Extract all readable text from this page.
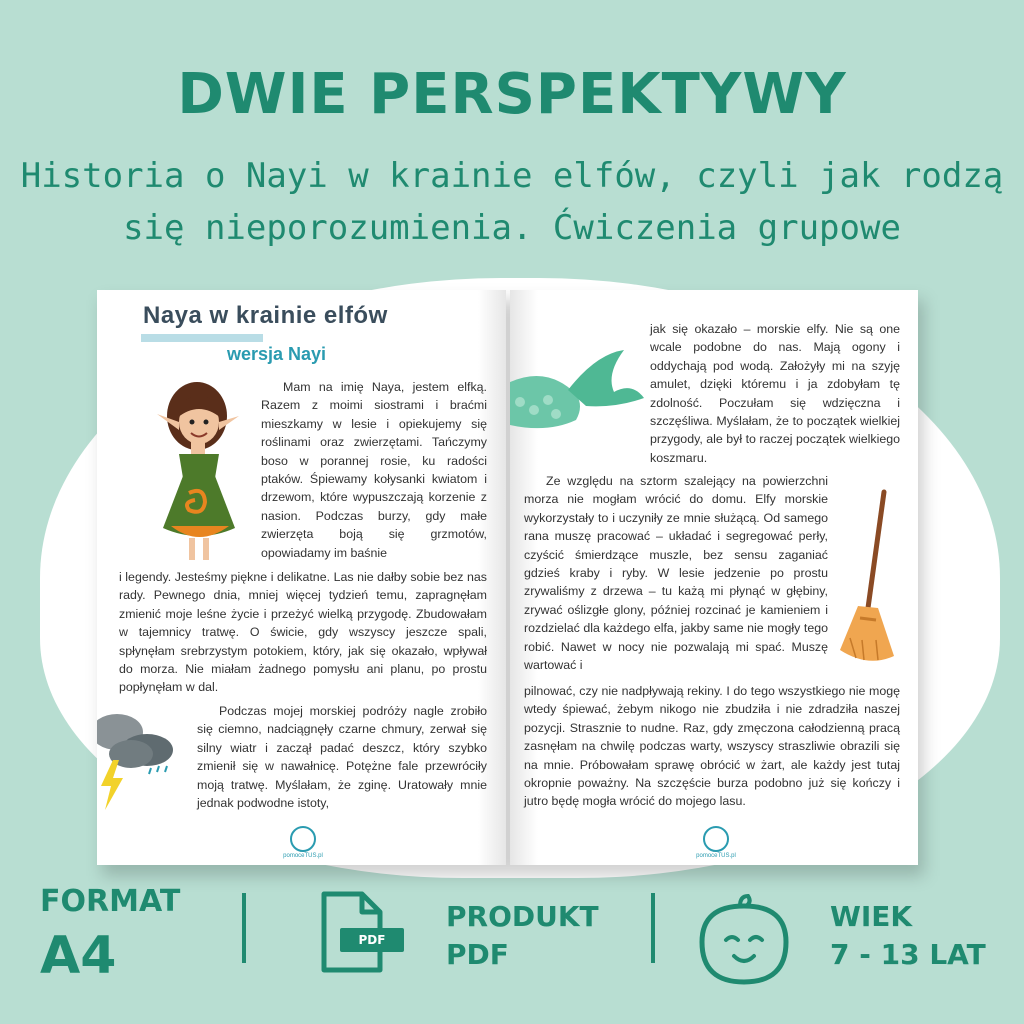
DWIE PERSPEKTYWY
Historia o Nayi w krainie elfów, czyli jak rodzą
się nieporozumienia. Ćwiczenia grupowe
Naya w krainie elfów
wersja Nayi

Mam na imię Naya, jestem elfką. Razem z moimi siostrami i braćmi mieszkamy w lesie i opiekujemy się roślinami oraz zwierzętami. Tańczymy boso w porannej rosie, ku radości ptaków. Śpiewamy kołysanki kwiatom i drzewom, które wypuszczają korzenie z nasion. Podczas burzy, gdy małe zwierzęta boją się grzmotów, opowiadamy im baśnie

i legendy. Jesteśmy piękne i delikatne. Las nie dałby sobie bez nas rady. Pewnego dnia, mniej więcej tydzień temu, zapragnęłam zmienić moje leśne życie i przeżyć wielką przygodę. Zbudowałam w tajemnicy tratwę. O świcie, gdy wszyscy jeszcze spali, spłynęłam srebrzystym potokiem, który, jak się okazało, wpływał do morza. Nie miałam żadnego pomysłu ani planu, po prostu popłynęłam w dal.

Podczas mojej morskiej podróży nagle zrobiło się ciemno, nadciągnęły czarne chmury, zerwał się silny wiatr i zaczął padać deszcz, który szybko zmienił się w nawałnicę. Potężne fale przewróciły moją tratwę. Myślałam, że zginę. Uratowały mnie jednak podwodne istoty,

pomoceTUS.pl

jak się okazało – morskie elfy. Nie są one wcale podobne do nas. Mają ogony i oddychają pod wodą. Założyły mi na szyję amulet, dzięki któremu i ja zdobyłam tę zdolność. Poczułam się wdzięczna i szczęśliwa. Myślałam, że to początek wielkiej przygody, ale był to raczej początek wielkiego koszmaru.

Ze względu na sztorm szalejący na powierzchni morza nie mogłam wrócić do domu. Elfy morskie wykorzystały to i uczyniły ze mnie służącą. Od samego rana muszę pracować – układać i segregować perły, czyścić śmierdzące muszle, bez sensu zaganiać gdzieś kraby i ryby. W lesie jedzenie po prostu zrywaliśmy z drzewa – tu każą mi płynąć w głębiny, zrywać oślizgłe glony, później rozcinać je kamieniem i rozdzielać dla każdego elfa, jakby same nie mogły tego robić. Nawet w nocy nie pozwalają mi spać. Muszę wartować i

pilnować, czy nie nadpływają rekiny. I do tego wszystkiego nie mogę wtedy śpiewać, żebym nikogo nie zbudziła i nie zdradziła naszej pozycji. Strasznie to nudne. Raz, gdy zmęczona całodzienną pracą zasnęłam na chwilę podczas warty, wszyscy straszliwie obrazili się na mnie. Próbowałam sprawę obrócić w żart, ale każdy jest tutaj okropnie poważny. Na szczęście burza podobno już się kończy i jutro będę mogła wrócić do mojego lasu.

pomoceTUS.pl

FORMAT

A4	PDF

PRODUKT

PDF

WIEK

7 - 13 LAT
